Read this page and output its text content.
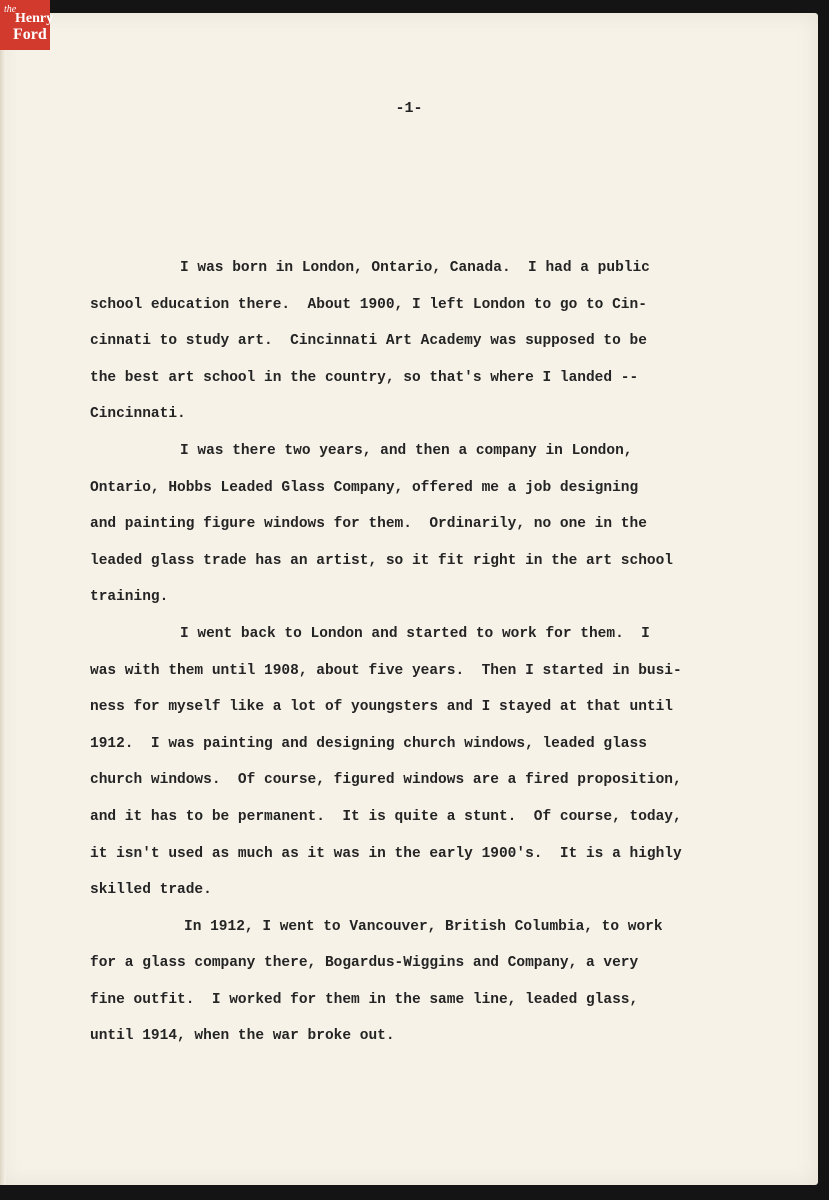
-1-
I was born in London, Ontario, Canada.  I had a public
school education there.  About 1900, I left London to go to Cin-
cinnati to study art.  Cincinnati Art Academy was supposed to be
the best art school in the country, so that's where I landed --
Cincinnati.
I was there two years, and then a company in London,
Ontario, Hobbs Leaded Glass Company, offered me a job designing
and painting figure windows for them.  Ordinarily, no one in the
leaded glass trade has an artist, so it fit right in the art school
training.
I went back to London and started to work for them.  I
was with them until 1908, about five years.  Then I started in busi-
ness for myself like a lot of youngsters and I stayed at that until
1912.  I was painting and designing church windows, leaded glass
church windows.  Of course, figured windows are a fired proposition,
and it has to be permanent.  It is quite a stunt.  Of course, today,
it isn't used as much as it was in the early 1900's.  It is a highly
skilled trade.
In 1912, I went to Vancouver, British Columbia, to work
for a glass company there, Bogardus-Wiggins and Company, a very
fine outfit.  I worked for them in the same line, leaded glass,
until 1914, when the war broke out.
the
Henry
Ford
